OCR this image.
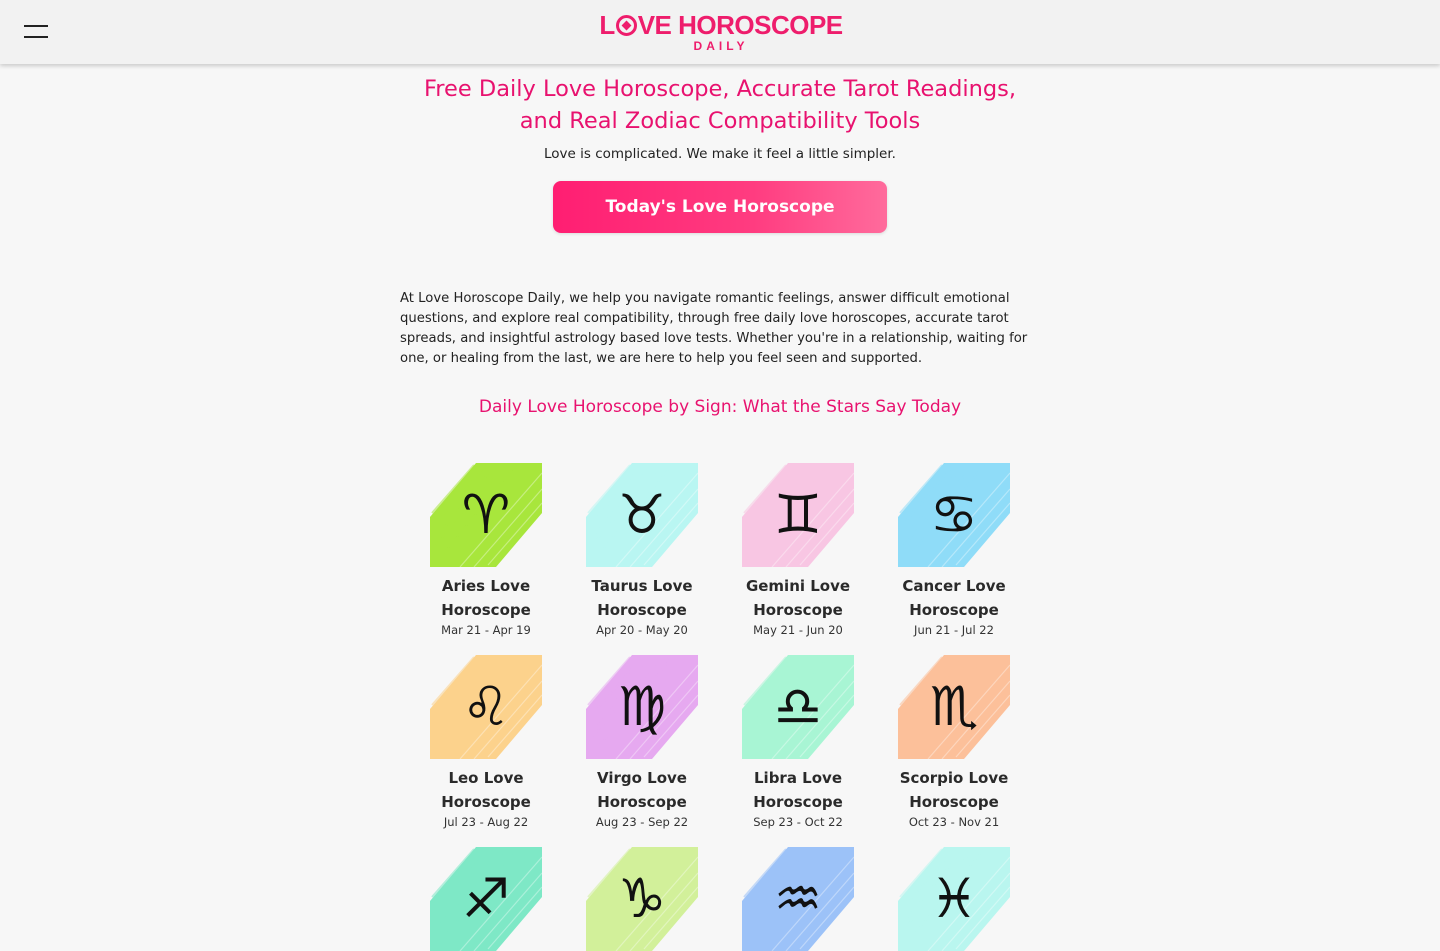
L VE HOROSCOPE
DAILY
Free Daily Love Horoscope, Accurate Tarot Readings, and Real Zodiac Compatibility Tools

Love is complicated. We make it feel a little simpler.

Today's Love Horoscope

At Love Horoscope Daily, we help you navigate romantic feelings, answer difficult emotional questions, and explore real compatibility, through free daily love horoscopes, accurate tarot spreads, and insightful astrology based love tests. Whether you're in a relationship, waiting for one, or healing from the last, we are here to help you feel seen and supported.

Daily Love Horoscope by Sign: What the Stars Say Today
♈
Aries Love Horoscope
Mar 21 - Apr 19
♉
Taurus Love Horoscope
Apr 20 - May 20
♊
Gemini Love Horoscope
May 21 - Jun 20
♋
Cancer Love Horoscope
Jun 21 - Jul 22
♌
Leo Love Horoscope
Jul 23 - Aug 22
♍
Virgo Love Horoscope
Aug 23 - Sep 22
♎
Libra Love Horoscope
Sep 23 - Oct 22
♏
Scorpio Love Horoscope
Oct 23 - Nov 21
♐	♑	♒	♓
